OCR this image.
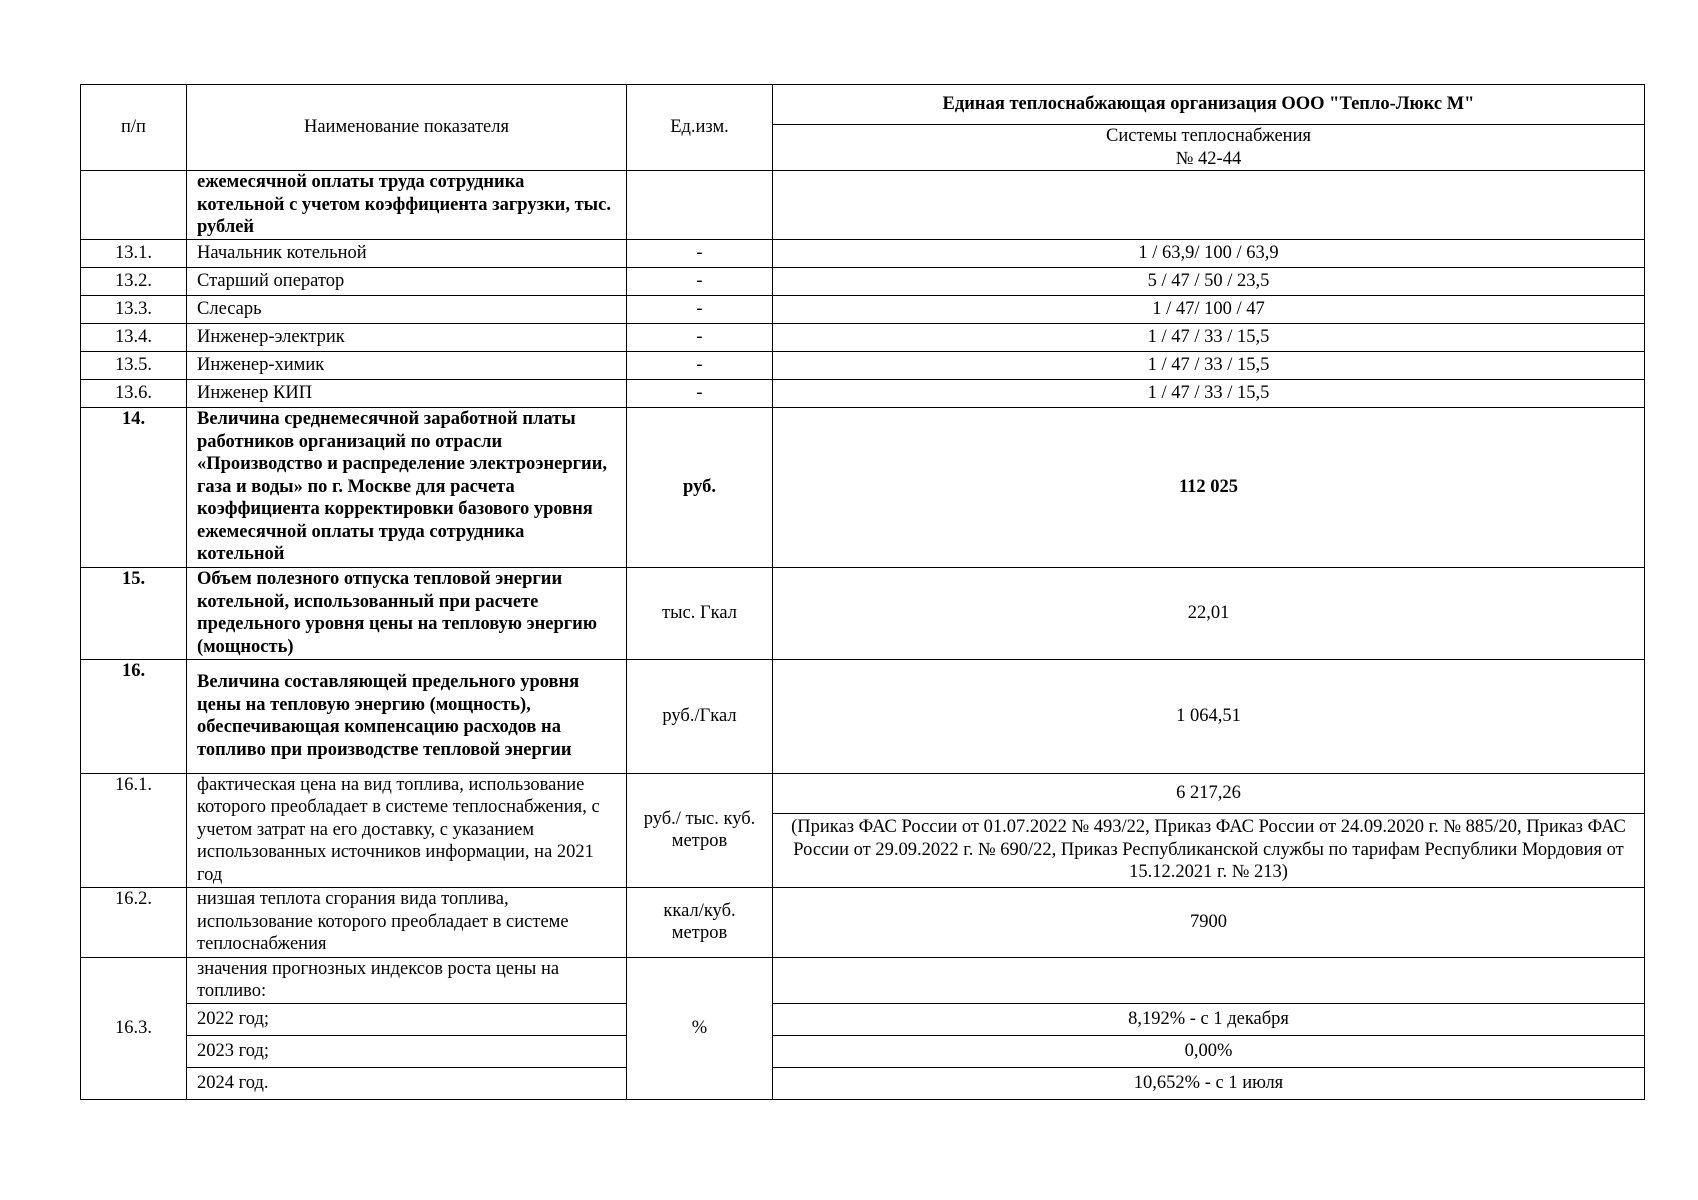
п/п	Наименование показателя	Ед.изм.	Единая теплоснабжающая организация ООО "Тепло-Люкс М"

			Системы теплоснабжения
№ 42-44

	ежемесячной оплаты труда сотрудника котельной с учетом коэффициента загрузки, тыс. рублей		
13.1.	Начальник котельной	-	1 / 63,9/ 100 / 63,9
13.2.	Старший оператор	-	5 / 47 / 50 / 23,5
13.3.	Слесарь	-	1 / 47/ 100 / 47
13.4.	Инженер-электрик	-	1 / 47 / 33 / 15,5
13.5.	Инженер-химик	-	1 / 47 / 33 / 15,5
13.6.	Инженер КИП	-	1 / 47 / 33 / 15,5
14.	Величина среднемесячной заработной платы работников организаций по отрасли «Производство и распределение электроэнергии, газа и воды» по г. Москве для расчета коэффициента корректировки базового уровня ежемесячной оплаты труда сотрудника котельной	руб.	112 025
15.	Объем полезного отпуска тепловой энергии котельной, использованный при расчете предельного уровня цены на тепловую энергию (мощность)	тыс. Гкал	22,01
16.	Величина составляющей предельного уровня цены на тепловую энергию (мощность), обеспечивающая компенсацию расходов на топливо при производстве тепловой энергии	руб./Гкал	1 064,51
16.1.	фактическая цена на вид топлива, использование которого преобладает в системе теплоснабжения, с учетом затрат на его доставку, с указанием использованных источников информации, на 2021 год	руб./ тыс. куб. метров	6 217,26
			(Приказ ФАС России от 01.07.2022 № 493/22, Приказ ФАС России от 24.09.2020 г. № 885/20, Приказ ФАС России от 29.09.2022 г. № 690/22, Приказ Республиканской службы по тарифам Республики Мордовия от 15.12.2021 г. № 213)
16.2.	низшая теплота сгорания вида топлива, использование которого преобладает в системе теплоснабжения	ккал/куб. метров	7900
16.3.	значения прогнозных индексов роста цены на топливо:	%	
	2022 год;		8,192% - с 1 декабря
	2023 год;		0,00%
	2024 год.		10,652% - с 1 июля
